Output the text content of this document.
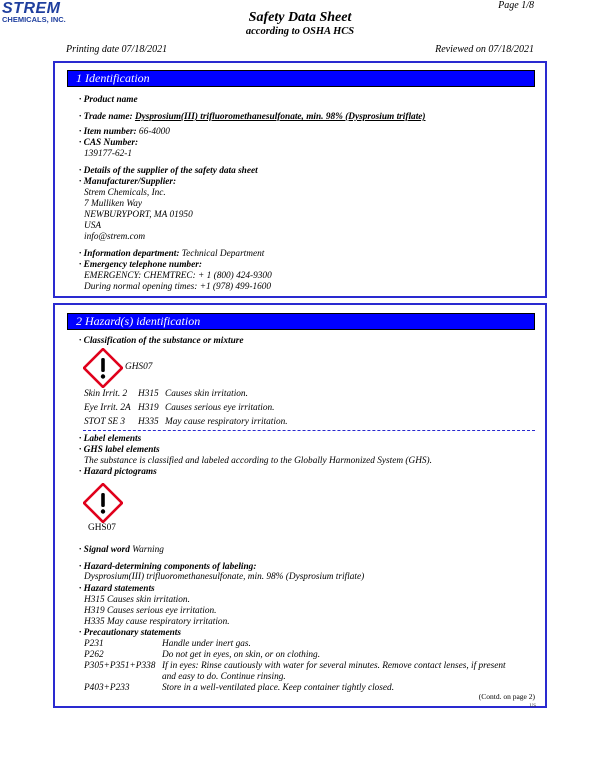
STREM
CHEMICALS, INC.
Page 1/8
Safety Data Sheet
according to OSHA HCS
Printing date 07/18/2021	Reviewed on 07/18/2021
1 Identification
· Product name
· Trade name: Dysprosium(III) trifluoromethanesulfonate, min. 98% (Dysprosium triflate)
· Item number: 66-4000
· CAS Number:
139177-62-1
· Details of the supplier of the safety data sheet
· Manufacturer/Supplier:
Strem Chemicals, Inc.
7 Mulliken Way
NEWBURYPORT, MA 01950
USA
info@strem.com
· Information department: Technical Department
· Emergency telephone number:
EMERGENCY: CHEMTREC: + 1 (800) 424-9300
During normal opening times: +1 (978) 499-1600
2 Hazard(s) identification
· Classification of the substance or mixture
GHS07
Skin Irrit. 2 H315 Causes skin irritation.
Eye Irrit. 2A H319 Causes serious eye irritation.
STOT SE 3 H335 May cause respiratory irritation.
· Label elements
· GHS label elements
The substance is classified and labeled according to the Globally Harmonized System (GHS).
· Hazard pictograms
GHS07
· Signal word Warning
· Hazard-determining components of labeling:
Dysprosium(III) trifluoromethanesulfonate, min. 98% (Dysprosium triflate)
· Hazard statements
H315 Causes skin irritation.
H319 Causes serious eye irritation.
H335 May cause respiratory irritation.
· Precautionary statements
P231	Handle under inert gas.
P262	Do not get in eyes, on skin, or on clothing.
P305+P351+P338 If in eyes: Rinse cautiously with water for several minutes. Remove contact lenses, if present
and easy to do. Continue rinsing.
P403+P233	Store in a well-ventilated place. Keep container tightly closed.
(Contd. on page 2)
US
